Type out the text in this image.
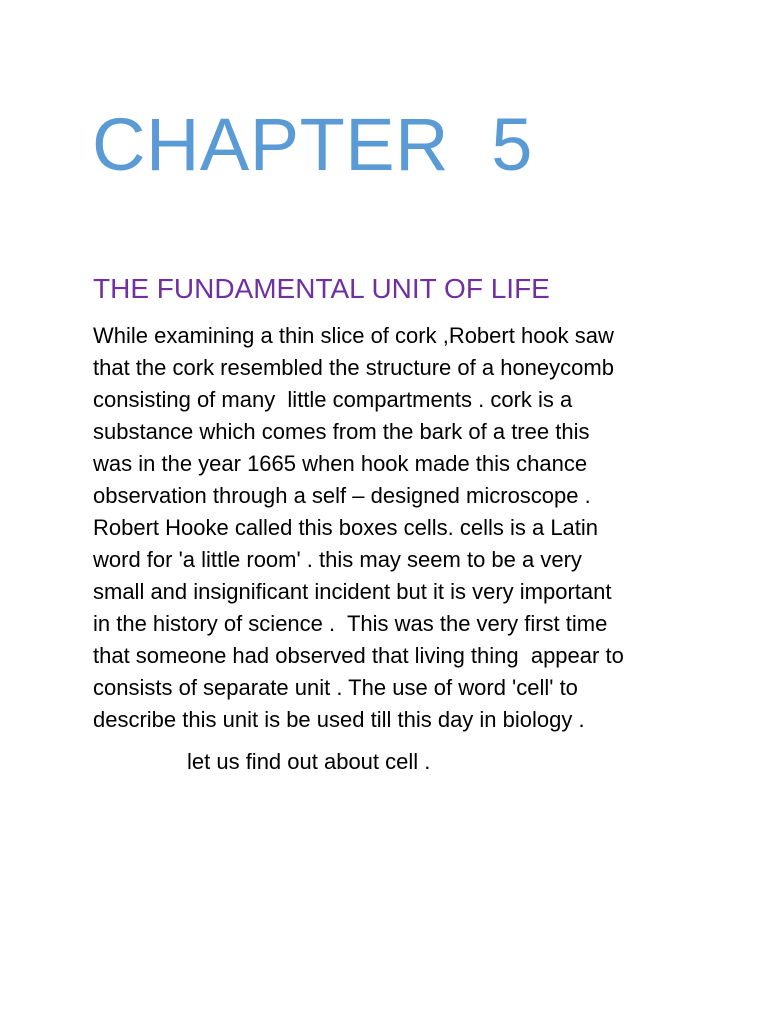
CHAPTER  5
THE FUNDAMENTAL UNIT OF LIFE
While examining a thin slice of cork ,Robert hook saw
that the cork resembled the structure of a honeycomb
consisting of many  little compartments . cork is a
substance which comes from the bark of a tree this
was in the year 1665 when hook made this chance
observation through a self – designed microscope .
Robert Hooke called this boxes cells. cells is a Latin
word for 'a little room' . this may seem to be a very
small and insignificant incident but it is very important
in the history of science .  This was the very first time
that someone had observed that living thing  appear to
consists of separate unit . The use of word 'cell' to
describe this unit is be used till this day in biology .

let us find out about cell .
